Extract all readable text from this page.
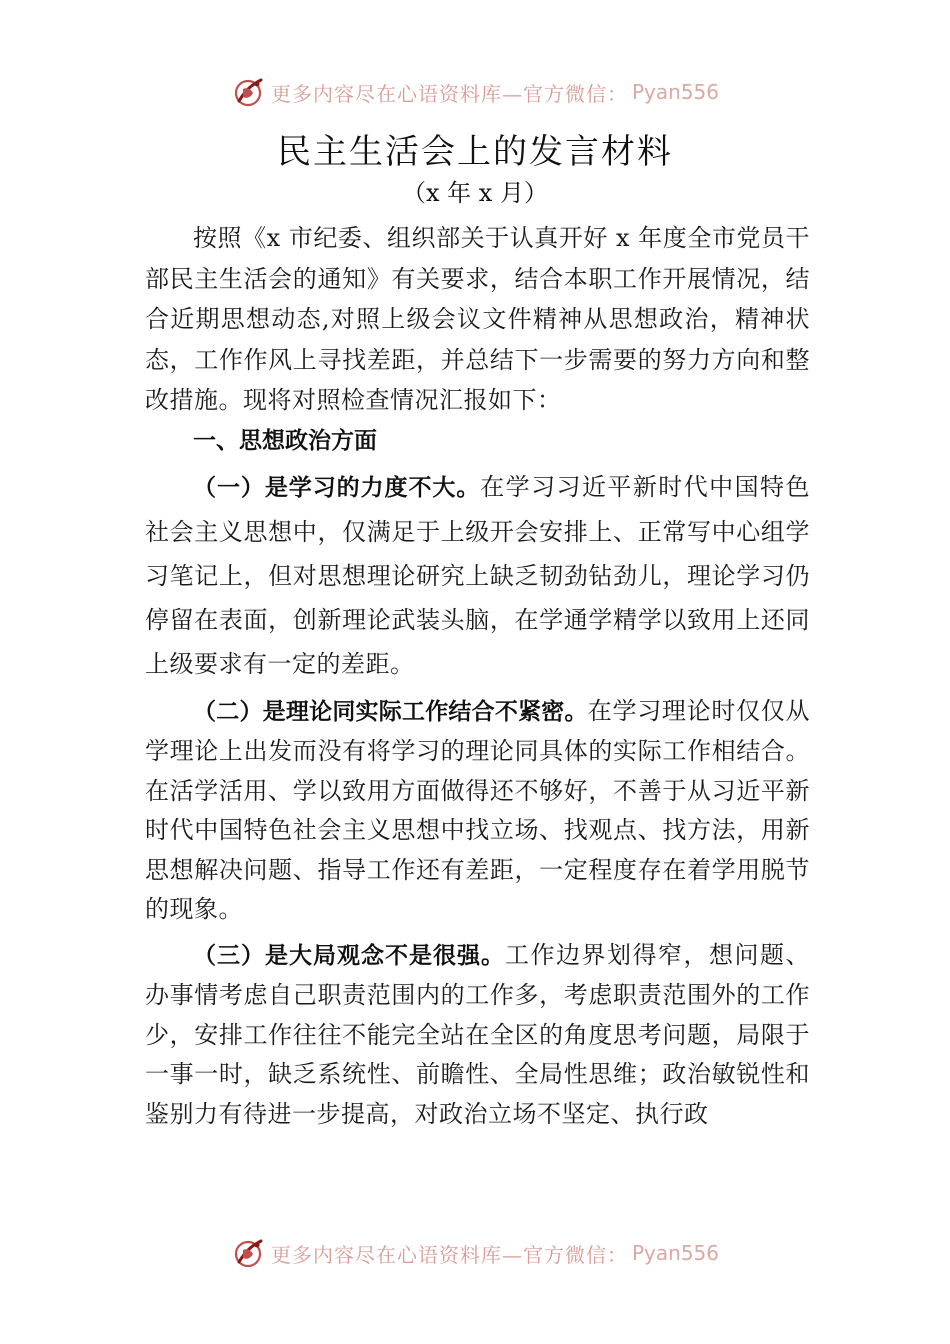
更多内容尽在心语资料库—官方微信： Pyan556
民主生活会上的发言材料
（x 年 x 月）

按照《x 市纪委、组织部关于认真开好 x 年度全市党员干部民主生活会的通知》有关要求，结合本职工作开展情况，结合近期思想动态,对照上级会议文件精神从思想政治，精神状态，工作作风上寻找差距，并总结下一步需要的努力方向和整改措施。现将对照检查情况汇报如下：

一、思想政治方面

（一）是学习的力度不大。在学习习近平新时代中国特色社会主义思想中，仅满足于上级开会安排上、正常写中心组学习笔记上，但对思想理论研究上缺乏韧劲钻劲儿，理论学习仍停留在表面，创新理论武装头脑，在学通学精学以致用上还同上级要求有一定的差距。

（二）是理论同实际工作结合不紧密。在学习理论时仅仅从学理论上出发而没有将学习的理论同具体的实际工作相结合。在活学活用、学以致用方面做得还不够好，不善于从习近平新时代中国特色社会主义思想中找立场、找观点、找方法，用新思想解决问题、指导工作还有差距，一定程度存在着学用脱节的现象。

（三）是大局观念不是很强。工作边界划得窄，想问题、办事情考虑自己职责范围内的工作多，考虑职责范围外的工作少，安排工作往往不能完全站在全区的角度思考问题，局限于一事一时，缺乏系统性、前瞻性、全局性思维；政治敏锐性和鉴别力有待进一步提高，对政治立场不坚定、执行政

更多内容尽在心语资料库—官方微信： Pyan556
